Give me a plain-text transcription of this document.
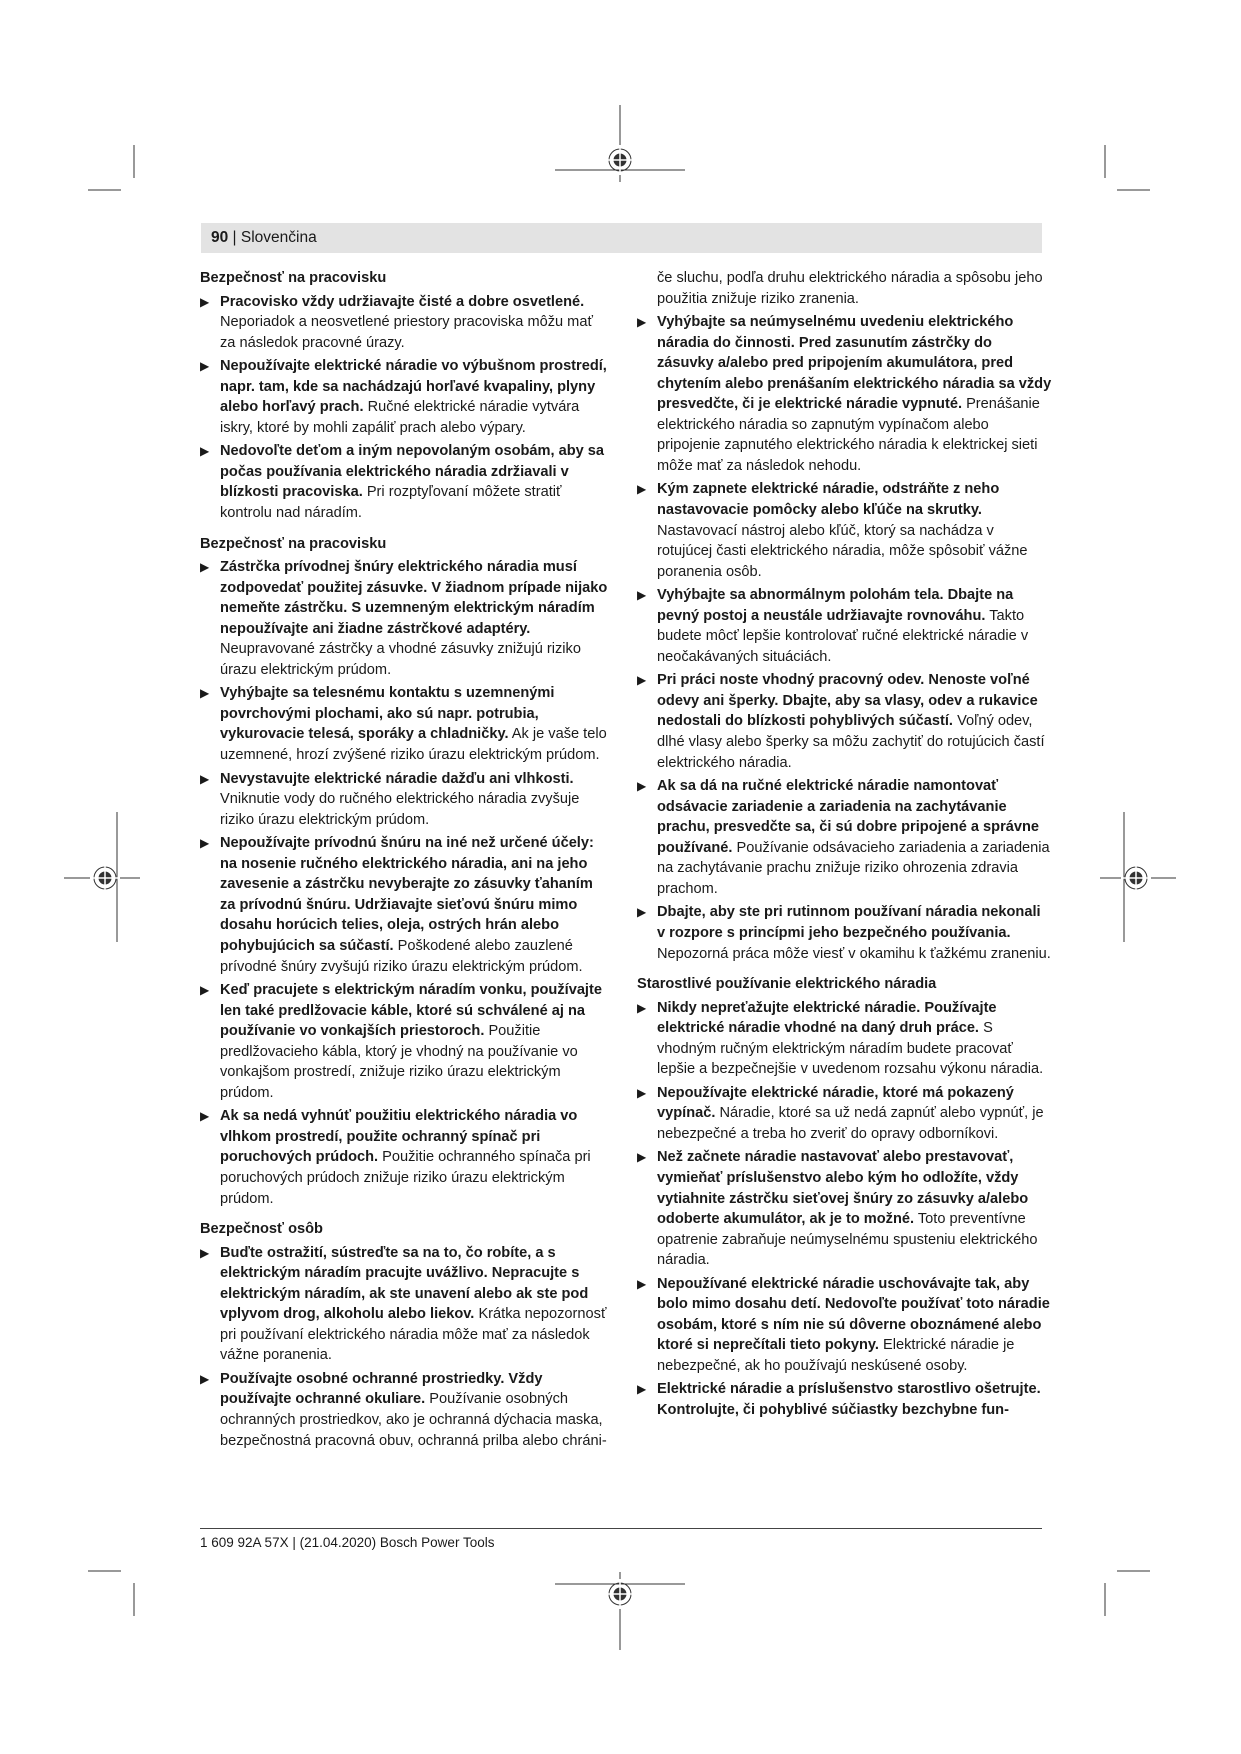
90 | Slovenčina

Bezpečnosť na pracovisku

▶ Pracovisko vždy udržiavajte čisté a dobre osvetlené. Neporiadok a neosvetlené priestory pracoviska môžu mať za následok pracovné úrazy.
▶ Nepoužívajte elektrické náradie vo výbušnom prostredí, napr. tam, kde sa nachádzajú horľavé kvapaliny, plyny alebo horľavý prach. Ručné elektrické náradie vytvára iskry, ktoré by mohli zapáliť prach alebo výpary.
▶ Nedovoľte deťom a iným nepovolaným osobám, aby sa počas používania elektrického náradia zdržiavali v blízkosti pracoviska. Pri rozptyľovaní môžete stratiť kontrolu nad náradím.

Bezpečnosť na pracovisku

▶ Zástrčka prívodnej šnúry elektrického náradia musí zodpovedať použitej zásuvke. V žiadnom prípade nijako nemeňte zástrčku. S uzemneným elektrickým náradím nepoužívajte ani žiadne zástrčkové adaptéry. Neupravované zástrčky a vhodné zásuvky znižujú riziko úrazu elektrickým prúdom.
▶ Vyhýbajte sa telesnému kontaktu s uzemnenými povrchovými plochami, ako sú napr. potrubia, vykurovacie telesá, sporáky a chladničky. Ak je vaše telo uzemnené, hrozí zvýšené riziko úrazu elektrickým prúdom.
▶ Nevystavujte elektrické náradie dažďu ani vlhkosti. Vniknutie vody do ručného elektrického náradia zvyšuje riziko úrazu elektrickým prúdom.
▶ Nepoužívajte prívodnú šnúru na iné než určené účely: na nosenie ručného elektrického náradia, ani na jeho zavesenie a zástrčku nevyberajte zo zásuvky ťahaním za prívodnú šnúru. Udržiavajte sieťovú šnúru mimo dosahu horúcich telies, oleja, ostrých hrán alebo pohybujúcich sa súčastí. Poškodené alebo zauzlené prívodné šnúry zvyšujú riziko úrazu elektrickým prúdom.
▶ Keď pracujete s elektrickým náradím vonku, používajte len také predlžovacie káble, ktoré sú schválené aj na používanie vo vonkajších priestoroch. Použitie predlžovacieho kábla, ktorý je vhodný na používanie vo vonkajšom prostredí, znižuje riziko úrazu elektrickým prúdom.
▶ Ak sa nedá vyhnúť použitiu elektrického náradia vo vlhkom prostredí, použite ochranný spínač pri poruchových prúdoch. Použitie ochranného spínača pri poruchových prúdoch znižuje riziko úrazu elektrickým prúdom.

Bezpečnosť osôb

▶ Buďte ostražití, sústreďte sa na to, čo robíte, a s elektrickým náradím pracujte uvážlivo. Nepracujte s elektrickým náradím, ak ste unavení alebo ak ste pod vplyvom drog, alkoholu alebo liekov. Krátka nepozornosť pri používaní elektrického náradia môže mať za následok vážne poranenia.
▶ Používajte osobné ochranné prostriedky. Vždy používajte ochranné okuliare. Používanie osobných ochranných prostriedkov, ako je ochranná dýchacia maska, bezpečnostná pracovná obuv, ochranná prilba alebo chráni-

če sluchu, podľa druhu elektrického náradia a spôsobu jeho použitia znižuje riziko zranenia.

▶ Vyhýbajte sa neúmyselnému uvedeniu elektrického náradia do činnosti. Pred zasunutím zástrčky do zásuvky a/alebo pred pripojením akumulátora, pred chytením alebo prenášaním elektrického náradia sa vždy presvedčte, či je elektrické náradie vypnuté. Prenášanie elektrického náradia so zapnutým vypínačom alebo pripojenie zapnutého elektrického náradia k elektrickej sieti môže mať za následok nehodu.
▶ Kým zapnete elektrické náradie, odstráňte z neho nastavovacie pomôcky alebo kľúče na skrutky. Nastavovací nástroj alebo kľúč, ktorý sa nachádza v rotujúcej časti elektrického náradia, môže spôsobiť vážne poranenia osôb.
▶ Vyhýbajte sa abnormálnym polohám tela. Dbajte na pevný postoj a neustále udržiavajte rovnováhu. Takto budete môcť lepšie kontrolovať ručné elektrické náradie v neočakávaných situáciách.
▶ Pri práci noste vhodný pracovný odev. Nenoste voľné odevy ani šperky. Dbajte, aby sa vlasy, odev a rukavice nedostali do blízkosti pohyblivých súčastí. Voľný odev, dlhé vlasy alebo šperky sa môžu zachytiť do rotujúcich častí elektrického náradia.
▶ Ak sa dá na ručné elektrické náradie namontovať odsávacie zariadenie a zariadenia na zachytávanie prachu, presvedčte sa, či sú dobre pripojené a správne používané. Používanie odsávacieho zariadenia a zariadenia na zachytávanie prachu znižuje riziko ohrozenia zdravia prachom.
▶ Dbajte, aby ste pri rutinnom používaní náradia nekonali v rozpore s princípmi jeho bezpečného používania. Nepozorná práca môže viesť v okamihu k ťažkému zraneniu.

Starostlivé používanie elektrického náradia

▶ Nikdy nepreťažujte elektrické náradie. Používajte elektrické náradie vhodné na daný druh práce. S vhodným ručným elektrickým náradím budete pracovať lepšie a bezpečnejšie v uvedenom rozsahu výkonu náradia.
▶ Nepoužívajte elektrické náradie, ktoré má pokazený vypínač. Náradie, ktoré sa už nedá zapnúť alebo vypnúť, je nebezpečné a treba ho zveriť do opravy odborníkovi.
▶ Než začnete náradie nastavovať alebo prestavovať, vymieňať príslušenstvo alebo kým ho odložíte, vždy vytiahnite zástrčku sieťovej šnúry zo zásuvky a/alebo odoberte akumulátor, ak je to možné. Toto preventívne opatrenie zabraňuje neúmyselnému spusteniu elektrického náradia.
▶ Nepoužívané elektrické náradie uschovávajte tak, aby bolo mimo dosahu detí. Nedovoľte používať toto náradie osobám, ktoré s ním nie sú dôverne oboznámené alebo ktoré si neprečítali tieto pokyny. Elektrické náradie je nebezpečné, ak ho používajú neskúsené osoby.
▶ Elektrické náradie a príslušenstvo starostlivo ošetrujte. Kontrolujte, či pohyblivé súčiastky bezchybne fun-
1 609 92A 57X | (21.04.2020) Bosch Power Tools
